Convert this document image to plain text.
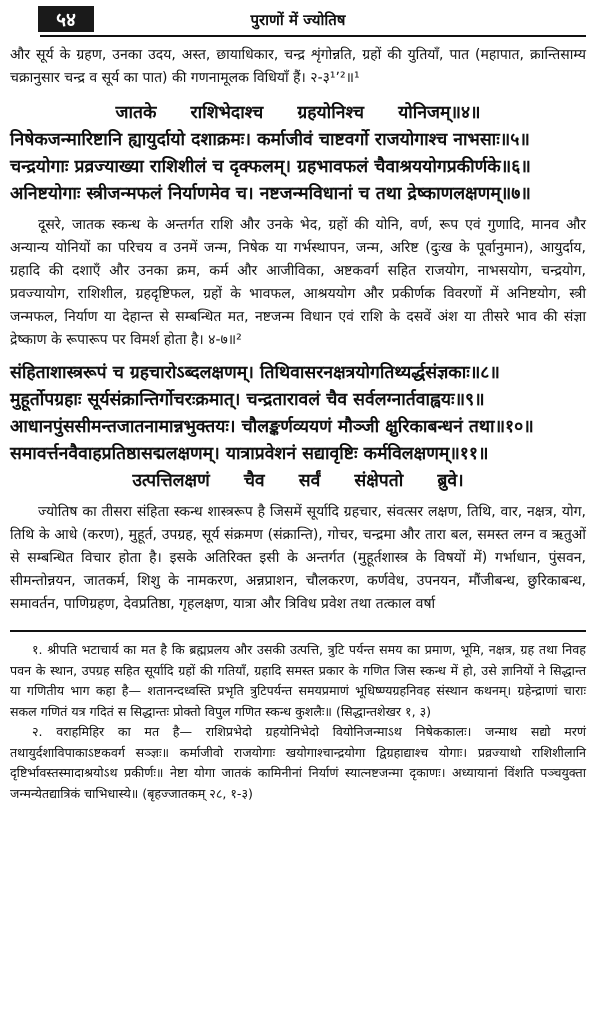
५४	पुराणों में ज्योतिष

और सूर्य के ग्रहण, उनका उदय, अस्त, छायाधिकार, चन्द्र शृंगोन्नति, ग्रहों की युतियाँ, पात (महापात, क्रान्तिसाम्य चक्रानुसार चन्द्र व सूर्य का पात) की गणनामूलक विधियाँ हैं। २-३¹ʼ²॥¹

जातके राशिभेदाश्च ग्रहयोनिश्च योनिजम्॥४॥

निषेकजन्मारिष्टानि ह्यायुर्दायो दशाक्रमः। कर्माजीवं चाष्टवर्गो राजयोगाश्च नाभसाः॥५॥

चन्द्रयोगाः प्रव्रज्याख्या राशिशीलं च दृक्फलम्। ग्रहभावफलं चैवाश्रययोगप्रकीर्णके॥६॥

अनिष्टयोगाः स्त्रीजन्मफलं निर्याणमेव च। नष्टजन्मविधानां च तथा द्रेष्काणलक्षणम्॥७॥

दूसरे, जातक स्कन्ध के अन्तर्गत राशि और उनके भेद, ग्रहों की योनि, वर्ण, रूप एवं गुणादि, मानव और अन्यान्य योनियों का परिचय व उनमें जन्म, निषेक या गर्भस्थापन, जन्म, अरिष्ट (दुःख के पूर्वानुमान), आयुर्दाय, ग्रहादि की दशाएँ और उनका क्रम, कर्म और आजीविका, अष्टकवर्ग सहित राजयोग, नाभसयोग, चन्द्रयोग, प्रवज्यायोग, राशिशील, ग्रहदृष्टिफल, ग्रहों के भावफल, आश्रययोग और प्रकीर्णक विवरणों में अनिष्टयोग, स्त्री जन्मफल, निर्याण या देहान्त से सम्बन्धित मत, नष्टजन्म विधान एवं राशि के दसवें अंश या तीसरे भाव की संज्ञा द्रेष्काण के रूपारूप पर विमर्श होता है। ४-७॥²

संहिताशास्त्ररूपं च ग्रहचारोऽब्दलक्षणम्। तिथिवासरनक्षत्रयोगतिथ्यर्द्धसंज्ञकाः॥८॥

मुहूर्तोपग्रहाः सूर्यसंक्रान्तिर्गोचरःक्रमात्। चन्द्रतारावलं चैव सर्वलग्नार्तवाह्वयः॥९॥

आधानपुंससीमन्तजातनामान्नभुक्तयः। चौलङ्कर्णव्ययणं मौञ्जी क्षुरिकाबन्धनं तथा॥१०॥

समावर्त्तनवैवाहप्रतिष्ठासद्मलक्षणम्। यात्राप्रवेशनं सद्यावृष्टिः कर्मविलक्षणम्॥११॥

उत्पत्तिलक्षणं चैव सर्वं संक्षेपतो ब्रुवे।

ज्योतिष का तीसरा संहिता स्कन्ध शास्त्ररूप है जिसमें सूर्यादि ग्रहचार, संवत्सर लक्षण, तिथि, वार, नक्षत्र, योग, तिथि के आधे (करण), मुहूर्त, उपग्रह, सूर्य संक्रमण (संक्रान्ति), गोचर, चन्द्रमा और तारा बल, समस्त लग्न व ऋतुओं से सम्बन्धित विचार होता है। इसके अतिरिक्त इसी के अन्तर्गत (मुहूर्तशास्त्र के विषयों में) गर्भाधान, पुंसवन, सीमन्तोन्नयन, जातकर्म, शिशु के नामकरण, अन्नप्राशन, चौलकरण, कर्णवेध, उपनयन, मौंजीबन्ध, छुरिकाबन्ध, समावर्तन, पाणिग्रहण, देवप्रतिष्ठा, गृहलक्षण, यात्रा और त्रिविध प्रवेश तथा तत्काल वर्षा

१. श्रीपति भटाचार्य का मत है कि ब्रह्मप्रलय और उसकी उत्पत्ति, त्रुटि पर्यन्त समय का प्रमाण, भूमि, नक्षत्र, ग्रह तथा निवह पवन के स्थान, उपग्रह सहित सूर्यादि ग्रहों की गतियाँ, ग्रहादि समस्त प्रकार के गणित जिस स्कन्ध में हो, उसे ज्ञानियों ने सिद्धान्त या गणितीय भाग कहा है— शतानन्दध्वस्ति प्रभृति त्रुटिपर्यन्त समयप्रमाणं भूधिष्ण्यग्रहनिवह संस्थान कथनम्। ग्रहेन्द्राणां चाराः सकल गणितं यत्र गदितं स सिद्धान्तः प्रोक्तो विपुल गणित स्कन्ध कुशलैः॥ (सिद्धान्तशेखर १, ३)

२. वराहमिहिर का मत है— राशिप्रभेदो ग्रहयोनिभेदो वियोनिजन्माऽथ निषेककालः। जन्माथ सद्यो मरणं तथायुर्दशाविपाकाऽष्टकवर्ग सञ्ज्ञः॥ कर्माजीवो राजयोगाः खयोगाश्चान्द्रयोगा द्विग्रहाद्याश्च योगाः। प्रव्रज्याथो राशिशीलानि दृष्टिर्भावस्तस्मादाश्रयोऽथ प्रकीर्णः॥ नेष्टा योगा जातकं कामिनीनां निर्याणं स्यात्नष्टजन्मा दृकाणः। अध्यायानां विंशति पञ्चयुक्ता जन्मन्येतद्यात्रिकं चाभिधास्ये॥ (बृहज्जातकम् २८, १-३)
